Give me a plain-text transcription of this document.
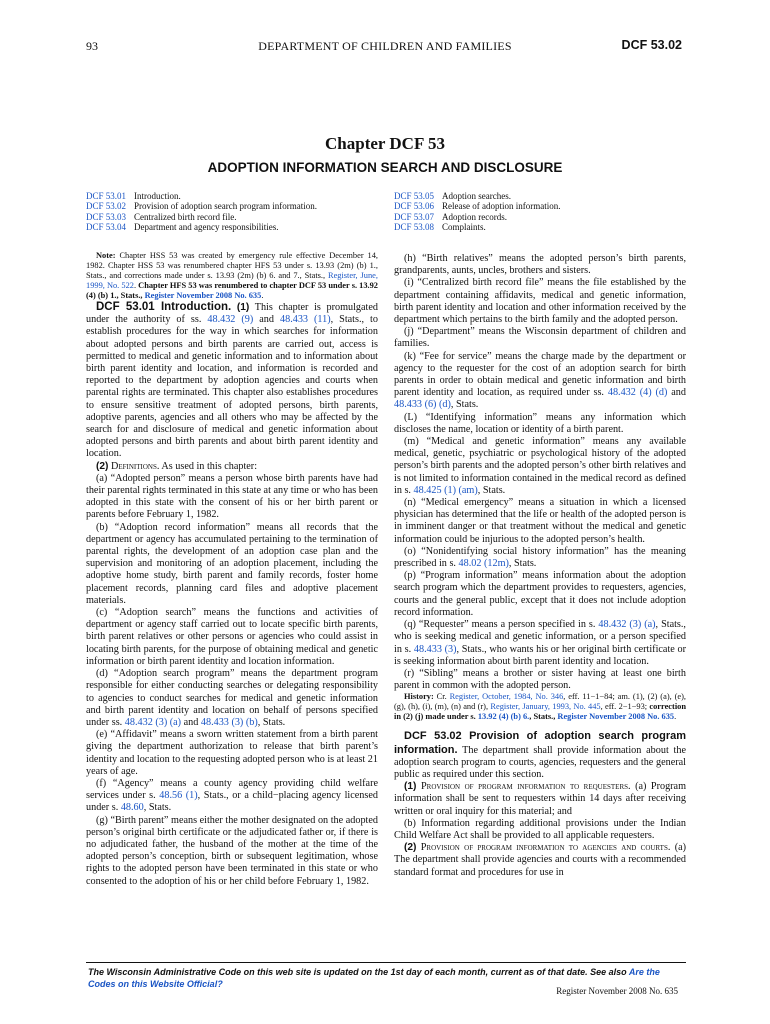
93	DEPARTMENT OF CHILDREN AND FAMILIES	DCF 53.02
Chapter DCF 53
ADOPTION INFORMATION SEARCH AND DISCLOSURE
DCF 53.01 Introduction.
DCF 53.02 Provision of adoption search program information.
DCF 53.03 Centralized birth record file.
DCF 53.04 Department and agency responsibilities.
DCF 53.05 Adoption searches.
DCF 53.06 Release of adoption information.
DCF 53.07 Adoption records.
DCF 53.08 Complaints.

Note: Chapter HSS 53 was created by emergency rule effective December 14, 1982. Chapter HSS 53 was renumbered chapter HFS 53 under s. 13.93 (2m) (b) 1., Stats., and corrections made under s. 13.93 (2m) (b) 6. and 7., Stats., Register, June, 1999, No. 522. Chapter HFS 53 was renumbered to chapter DCF 53 under s. 13.92 (4) (b) 1., Stats., Register November 2008 No. 635.

DCF 53.01 Introduction. (1) This chapter is promulgated under the authority of ss. 48.432 (9) and 48.433 (11), Stats., to establish procedures for the way in which searches for information about adopted persons and birth parents are carried out, access is permitted to medical and genetic information and to information about birth parent identity and location, and information is recorded and reported to the department by adoption agencies and courts when parental rights are terminated. This chapter also establishes procedures to ensure sensitive treatment of adopted persons, birth parents, adoptive parents, agencies and all others who may be affected by the search for and disclosure of medical and genetic information about adopted persons and birth parents and about birth parent identity and location.

(2) Definitions. As used in this chapter:

(a) “Adopted person” means a person whose birth parents have had their parental rights terminated in this state at any time or who has been adopted in this state with the consent of his or her birth parent or parents before February 1, 1982.

(b) “Adoption record information” means all records that the department or agency has accumulated pertaining to the termination of parental rights, the development of an adoption case plan and the supervision and monitoring of an adoption placement, including the adoptive home study, birth parent and family records, foster home placement records, planning card files and adoptive placement materials.

(c) “Adoption search” means the functions and activities of department or agency staff carried out to locate specific birth parents, birth parent relatives or other persons or agencies who could assist in locating birth parents, for the purpose of obtaining medical and genetic information or birth parent identity and location information.

(d) “Adoption search program” means the department program responsible for either conducting searches or delegating responsibility to agencies to conduct searches for medical and genetic information and birth parent identity and location on behalf of persons specified under ss. 48.432 (3) (a) and 48.433 (3) (b), Stats.

(e) “Affidavit” means a sworn written statement from a birth parent giving the department authorization to release that birth parent’s identity and location to the requesting adopted person who is at least 21 years of age.

(f) “Agency” means a county agency providing child welfare services under s. 48.56 (1), Stats., or a child−placing agency licensed under s. 48.60, Stats.

(g) “Birth parent” means either the mother designated on the adopted person’s original birth certificate or the adjudicated father or, if there is no adjudicated father, the husband of the mother at the time of the adopted person’s conception, birth or subsequent legitimation, whose rights to the adopted person have been terminated in this state or who consented to the adoption of his or her child before February 1, 1982.

(h) “Birth relatives” means the adopted person’s birth parents, grandparents, aunts, uncles, brothers and sisters.

(i) “Centralized birth record file” means the file established by the department containing affidavits, medical and genetic information, birth parent identity and location and other information received by the department which pertains to the birth family and the adopted person.

(j) “Department” means the Wisconsin department of children and families.

(k) “Fee for service” means the charge made by the department or agency to the requester for the cost of an adoption search for birth parents in order to obtain medical and genetic information and birth parent identity and location, as required under ss. 48.432 (4) (d) and 48.433 (6) (d), Stats.

(L) “Identifying information” means any information which discloses the name, location or identity of a birth parent.

(m) “Medical and genetic information” means any available medical, genetic, psychiatric or psychological history of the adopted person’s birth parents and the adopted person’s other birth relatives and is not limited to information contained in the medical record as defined in s. 48.425 (1) (am), Stats.

(n) “Medical emergency” means a situation in which a licensed physician has determined that the life or health of the adopted person is in imminent danger or that treatment without the medical and genetic information could be injurious to the adopted person’s health.

(o) “Nonidentifying social history information” has the meaning prescribed in s. 48.02 (12m), Stats.

(p) “Program information” means information about the adoption search program which the department provides to requesters, agencies, courts and the general public, except that it does not include adoption record information.

(q) “Requester” means a person specified in s. 48.432 (3) (a), Stats., who is seeking medical and genetic information, or a person specified in s. 48.433 (3), Stats., who wants his or her original birth certificate or is seeking information about birth parent identity and location.

(r) “Sibling” means a brother or sister having at least one birth parent in common with the adopted person.

History: Cr. Register, October, 1984, No. 346, eff. 11−1−84; am. (1), (2) (a), (e), (g), (h), (i), (m), (n) and (r), Register, January, 1993, No. 445, eff. 2−1−93; correction in (2) (j) made under s. 13.92 (4) (b) 6., Stats., Register November 2008 No. 635.

DCF 53.02 Provision of adoption search program information. The department shall provide information about the adoption search program to courts, agencies, requesters and the general public as required under this section.

(1) Provision of program information to requesters. (a) Program information shall be sent to requesters within 14 days after receiving written or oral inquiry for this material; and

(b) Information regarding additional provisions under the Indian Child Welfare Act shall be provided to all applicable requesters.

(2) Provision of program information to agencies and courts. (a) The department shall provide agencies and courts with a recommended standard format and procedures for use in

The Wisconsin Administrative Code on this web site is updated on the 1st day of each month, current as of that date. See also Are the Codes on this Website Official?
Register November 2008 No. 635
